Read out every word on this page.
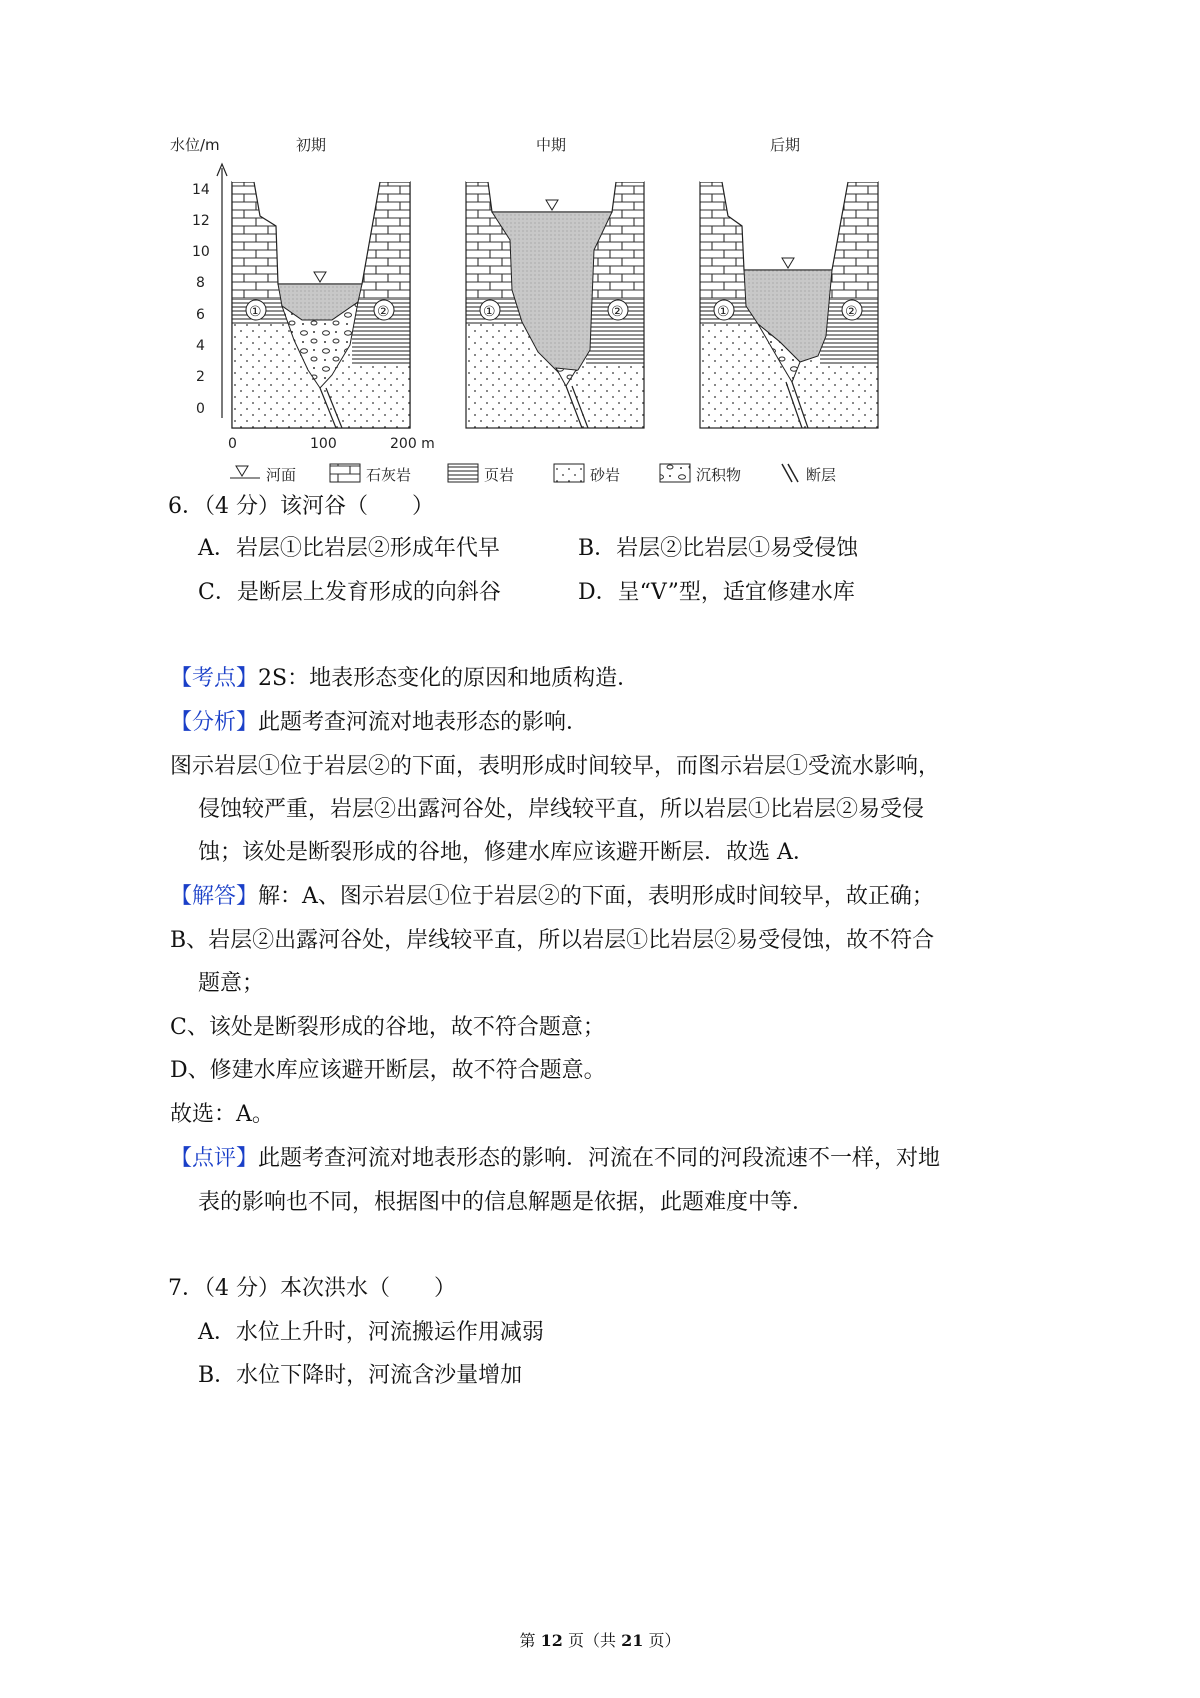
水位/m
14
12
10
8
6
4
2
0
初期	中期	后期
①	②	①	②	①	②
0	100	200 m
河面	石灰岩	页岩	砂岩	沉积物	断层
6．（4 分）该河谷（　　）
A．岩层①比岩层②形成年代早	B．岩层②比岩层①易受侵蚀
C．是断层上发育形成的向斜谷	D．呈“V”型，适宜修建水库
【考点】2S：地表形态变化的原因和地质构造．
【分析】此题考查河流对地表形态的影响．
图示岩层①位于岩层②的下面，表明形成时间较早，而图示岩层①受流水影响，
侵蚀较严重，岩层②出露河谷处，岸线较平直，所以岩层①比岩层②易受侵
蚀；该处是断裂形成的谷地，修建水库应该避开断层．故选 A．
【解答】解：A、图示岩层①位于岩层②的下面，表明形成时间较早，故正确；
B、岩层②出露河谷处，岸线较平直，所以岩层①比岩层②易受侵蚀，故不符合
题意；
C、该处是断裂形成的谷地，故不符合题意；
D、修建水库应该避开断层，故不符合题意。
故选：A。
【点评】此题考查河流对地表形态的影响．河流在不同的河段流速不一样，对地
表的影响也不同，根据图中的信息解题是依据，此题难度中等．
7．（4 分）本次洪水（　　）
A．水位上升时，河流搬运作用减弱
B．水位下降时，河流含沙量增加
第 12 页（共 21 页）
